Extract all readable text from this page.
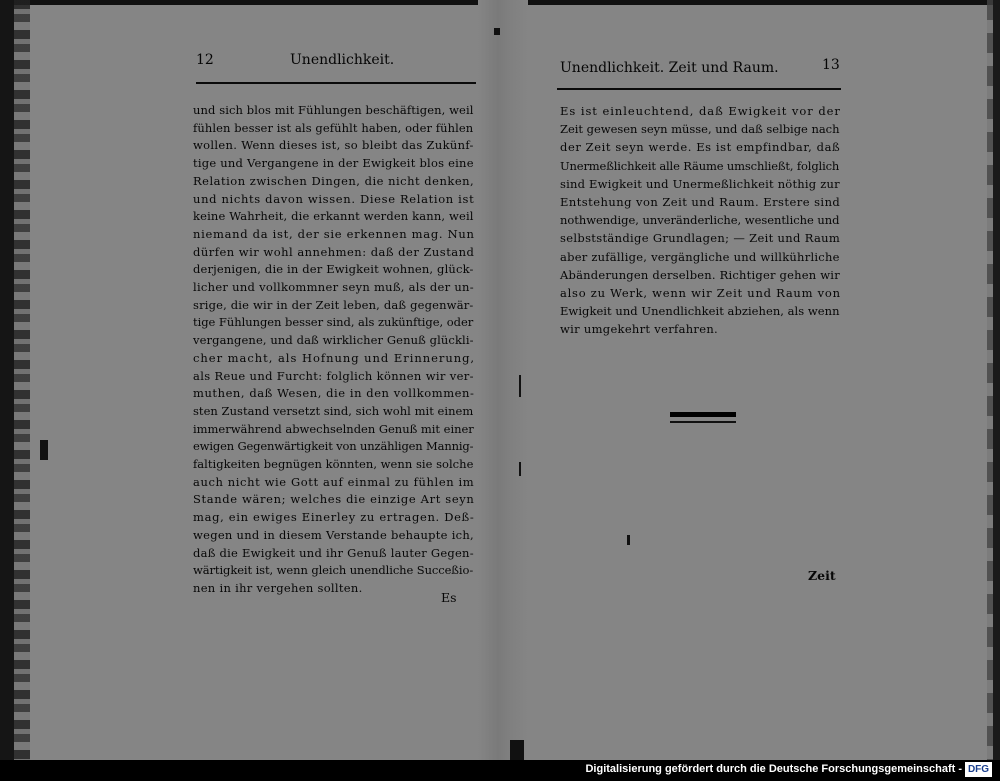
12	Unendlichkeit.
und sich blos mit Fühlungen beschäftigen, weil
fühlen besser ist als gefühlt haben, oder fühlen
wollen. Wenn dieses ist, so bleibt das Zukünf-
tige und Vergangene in der Ewigkeit blos eine
Relation zwischen Dingen, die nicht denken,
und nichts davon wissen. Diese Relation ist
keine Wahrheit, die erkannt werden kann, weil
niemand da ist, der sie erkennen mag. Nun
dürfen wir wohl annehmen: daß der Zustand
derjenigen, die in der Ewigkeit wohnen, glück-
licher und vollkommner seyn muß, als der un-
srige, die wir in der Zeit leben, daß gegenwär-
tige Fühlungen besser sind, als zukünftige, oder
vergangene, und daß wirklicher Genuß glückli-
cher macht, als Hofnung und Erinnerung,
als Reue und Furcht: folglich können wir ver-
muthen, daß Wesen, die in den vollkommen-
sten Zustand versetzt sind, sich wohl mit einem
immerwährend abwechselnden Genuß mit einer
ewigen Gegenwärtigkeit von unzähligen Mannig-
faltigkeiten begnügen könnten, wenn sie solche
auch nicht wie Gott auf einmal zu fühlen im
Stande wären; welches die einzige Art seyn
mag, ein ewiges Einerley zu ertragen. Deß-
wegen und in diesem Verstande behaupte ich,
daß die Ewigkeit und ihr Genuß lauter Gegen-
wärtigkeit ist, wenn gleich unendliche Succeßio-
nen in ihr vergehen sollten.
Es
Unendlichkeit. Zeit und Raum.	13
Es ist einleuchtend, daß Ewigkeit vor der
Zeit gewesen seyn müsse, und daß selbige nach
der Zeit seyn werde. Es ist empfindbar, daß
Unermeßlichkeit alle Räume umschließt, folglich
sind Ewigkeit und Unermeßlichkeit nöthig zur
Entstehung von Zeit und Raum. Erstere sind
nothwendige, unveränderliche, wesentliche und
selbstständige Grundlagen; — Zeit und Raum
aber zufällige, vergängliche und willkührliche
Abänderungen derselben. Richtiger gehen wir
also zu Werk, wenn wir Zeit und Raum von
Ewigkeit und Unendlichkeit abziehen, als wenn
wir umgekehrt verfahren.
Zeit
Digitalisierung gefördert durch die Deutsche Forschungsgemeinschaft - DFG
